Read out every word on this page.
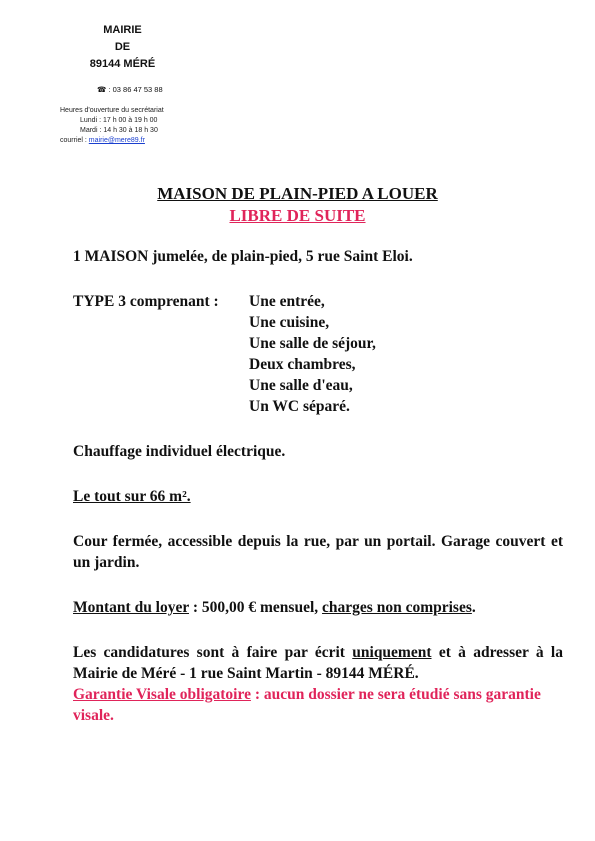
MAIRIE
DE
89144 MÉRÉ
☎ : 03 86 47 53 88
Heures d'ouverture du secrétariat
Lundi : 17 h 00 à 19 h 00
Mardi : 14 h 30 à 18 h 30
courriel : mairie@mere89.fr
MAISON DE PLAIN-PIED A LOUER
LIBRE DE SUITE

1 MAISON jumelée, de plain-pied, 5 rue Saint Eloi.

TYPE 3 comprenant :	Une entrée,
Une cuisine,
Une salle de séjour,
Deux chambres,
Une salle d'eau,
Un WC séparé.

Chauffage individuel électrique.

Le tout sur 66 m².

Cour fermée, accessible depuis la rue, par un portail. Garage couvert et un jardin.

Montant du loyer : 500,00 € mensuel, charges non comprises.

Les candidatures sont à faire par écrit uniquement et à adresser à la Mairie de Méré - 1 rue Saint Martin - 89144 MÉRÉ.

Garantie Visale obligatoire : aucun dossier ne sera étudié sans garantie visale.
